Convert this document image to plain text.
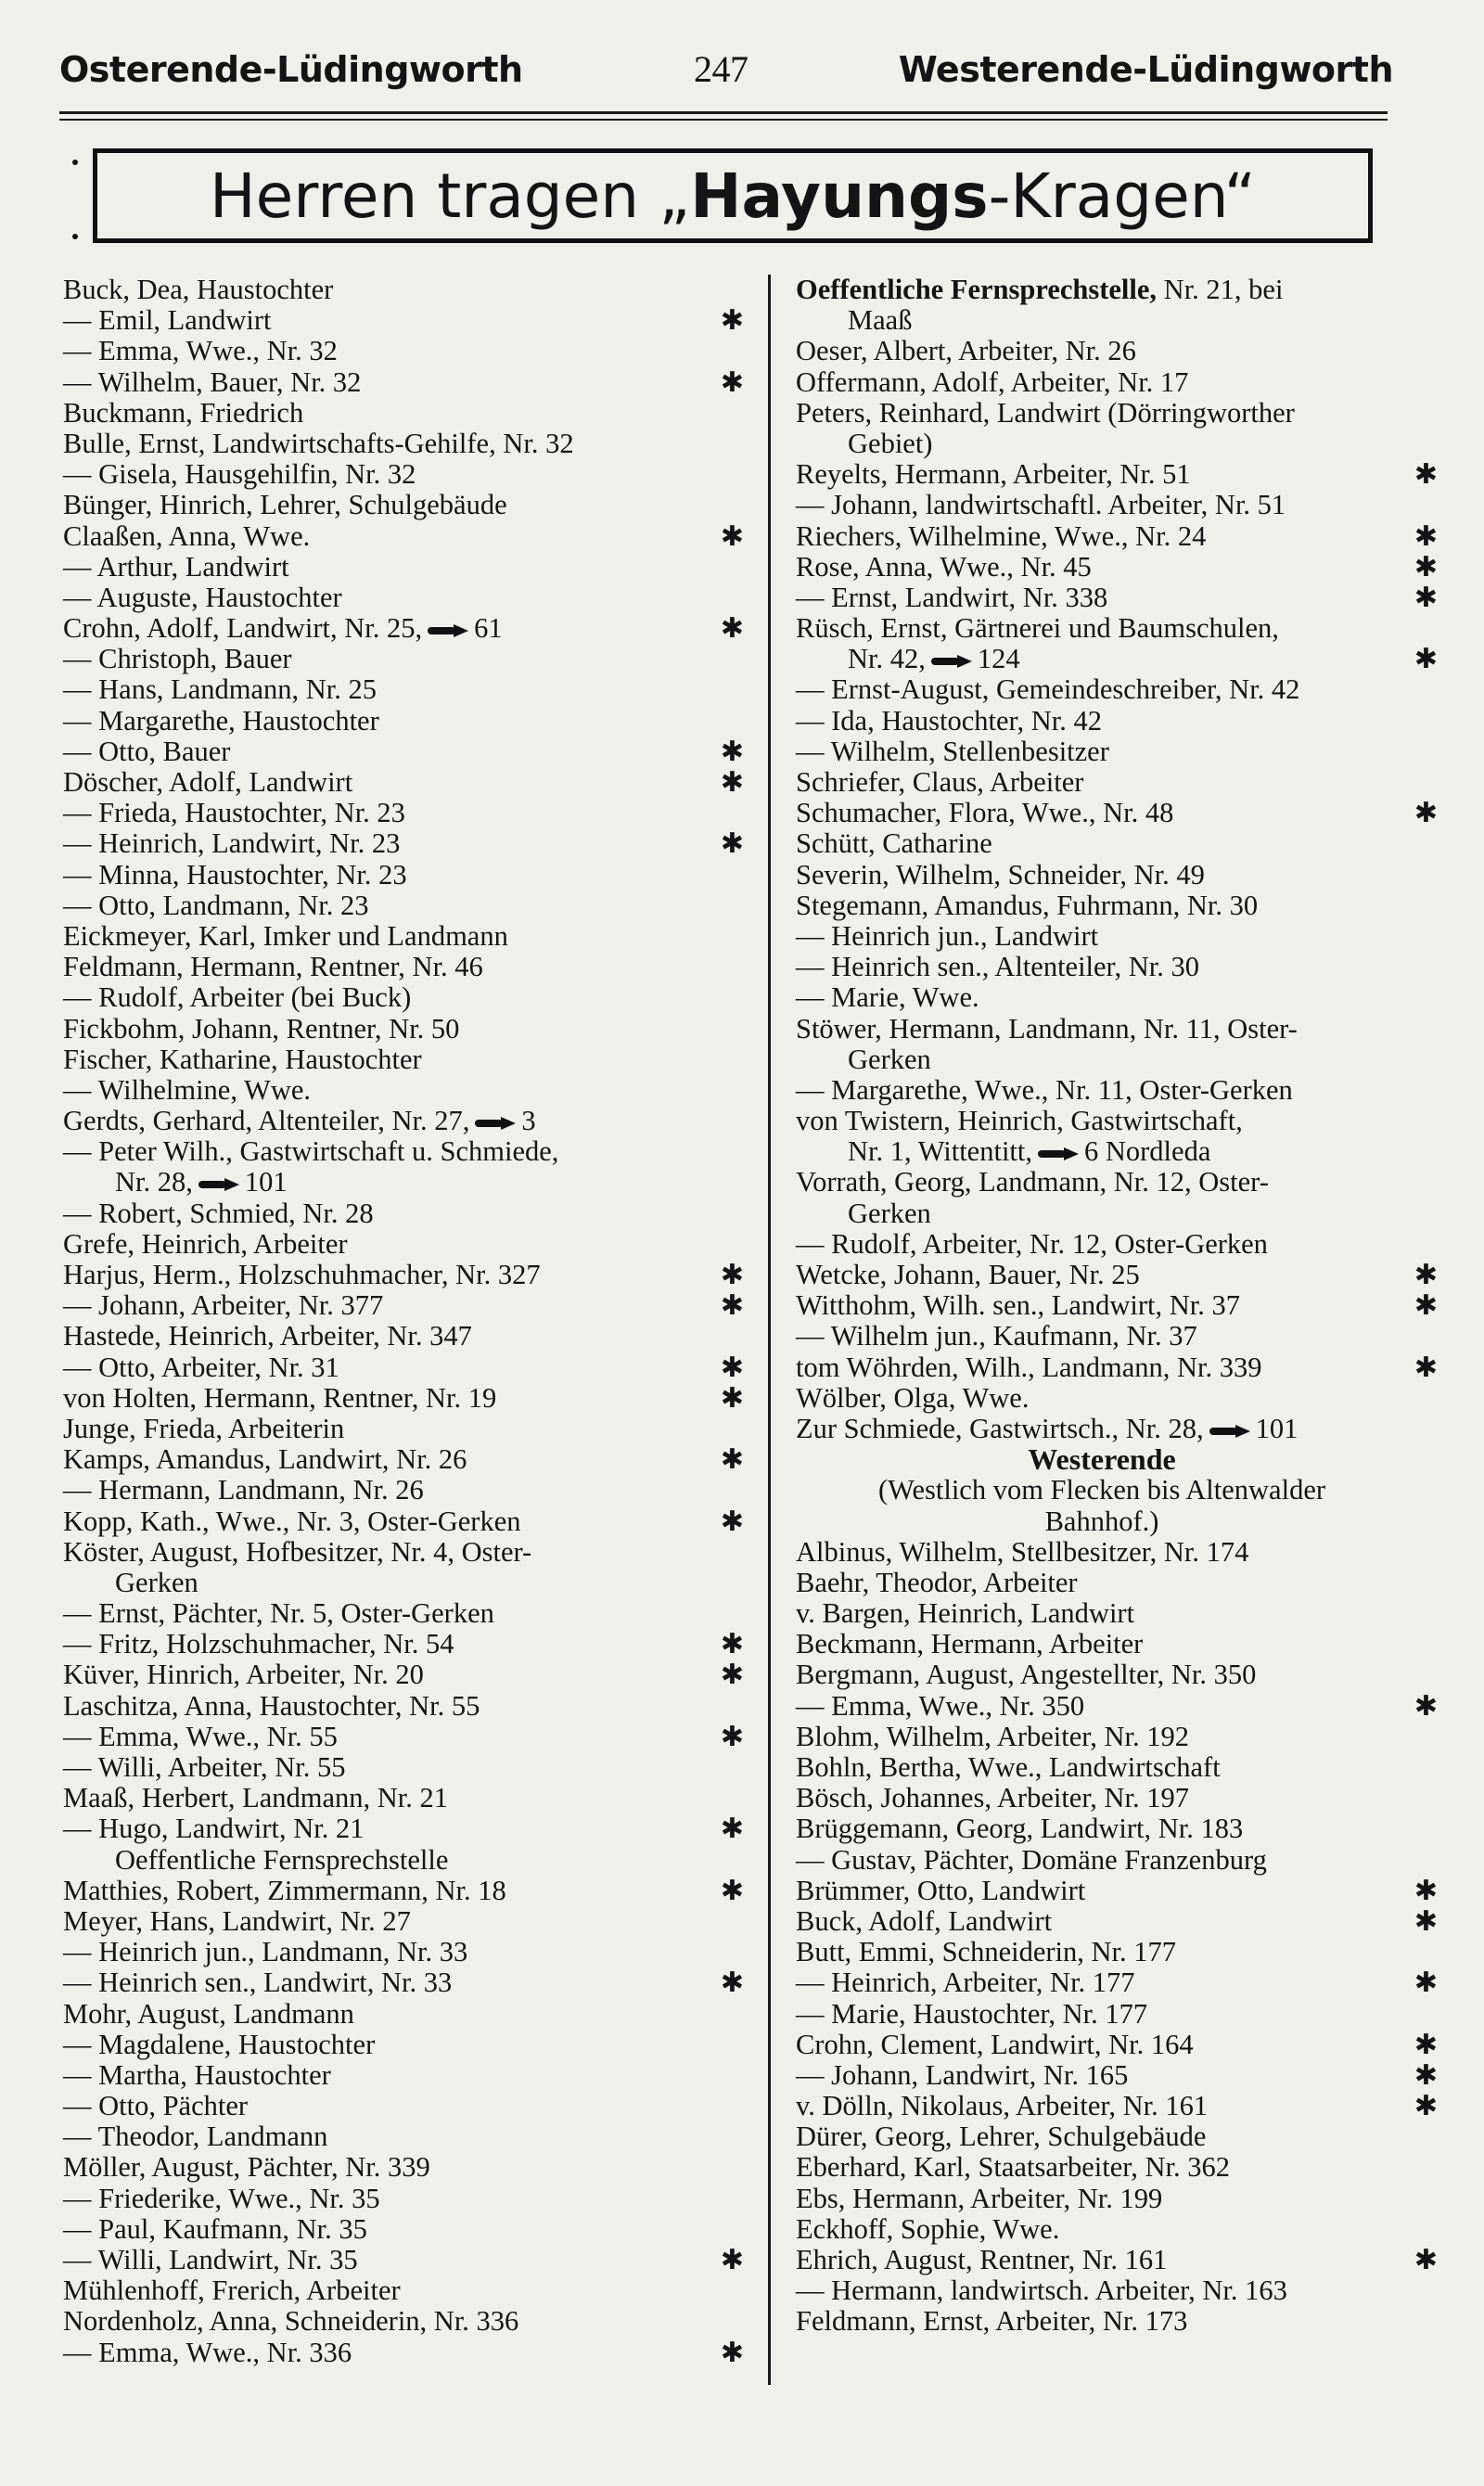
Osterende-Lüdingworth	247	Westerende-Lüdingworth
Herren tragen „ Hayungs -Kragen“
Buck, Dea, Haustochter
— Emil, Landwirt	✱
— Emma, Wwe., Nr. 32
— Wilhelm, Bauer, Nr. 32	✱
Buckmann, Friedrich
Bulle, Ernst, Landwirtschafts-Gehilfe, Nr. 32
— Gisela, Hausgehilfin, Nr. 32
Bünger, Hinrich, Lehrer, Schulgebäude
Claaßen, Anna, Wwe.	✱
— Arthur, Landwirt
— Auguste, Haustochter
Crohn, Adolf, Landwirt, Nr. 25, 61	✱
— Christoph, Bauer
— Hans, Landmann, Nr. 25
— Margarethe, Haustochter
— Otto, Bauer	✱
Döscher, Adolf, Landwirt	✱
— Frieda, Haustochter, Nr. 23
— Heinrich, Landwirt, Nr. 23	✱
— Minna, Haustochter, Nr. 23
— Otto, Landmann, Nr. 23
Eickmeyer, Karl, Imker und Landmann
Feldmann, Hermann, Rentner, Nr. 46
— Rudolf, Arbeiter (bei Buck)
Fickbohm, Johann, Rentner, Nr. 50
Fischer, Katharine, Haustochter
— Wilhelmine, Wwe.
Gerdts, Gerhard, Altenteiler, Nr. 27, 3
— Peter Wilh., Gastwirtschaft u. Schmiede,
Nr. 28, 101
— Robert, Schmied, Nr. 28
Grefe, Heinrich, Arbeiter
Harjus, Herm., Holzschuhmacher, Nr. 327	✱
— Johann, Arbeiter, Nr. 377	✱
Hastede, Heinrich, Arbeiter, Nr. 347
— Otto, Arbeiter, Nr. 31	✱
von Holten, Hermann, Rentner, Nr. 19	✱
Junge, Frieda, Arbeiterin
Kamps, Amandus, Landwirt, Nr. 26	✱
— Hermann, Landmann, Nr. 26
Kopp, Kath., Wwe., Nr. 3, Oster-Gerken	✱
Köster, August, Hofbesitzer, Nr. 4, Oster-
Gerken
— Ernst, Pächter, Nr. 5, Oster-Gerken
— Fritz, Holzschuhmacher, Nr. 54	✱
Küver, Hinrich, Arbeiter, Nr. 20	✱
Laschitza, Anna, Haustochter, Nr. 55
— Emma, Wwe., Nr. 55	✱
— Willi, Arbeiter, Nr. 55
Maaß, Herbert, Landmann, Nr. 21
— Hugo, Landwirt, Nr. 21	✱
Oeffentliche Fernsprechstelle
Matthies, Robert, Zimmermann, Nr. 18	✱
Meyer, Hans, Landwirt, Nr. 27
— Heinrich jun., Landmann, Nr. 33
— Heinrich sen., Landwirt, Nr. 33	✱
Mohr, August, Landmann
— Magdalene, Haustochter
— Martha, Haustochter
— Otto, Pächter
— Theodor, Landmann
Möller, August, Pächter, Nr. 339
— Friederike, Wwe., Nr. 35
— Paul, Kaufmann, Nr. 35
— Willi, Landwirt, Nr. 35	✱
Mühlenhoff, Frerich, Arbeiter
Nordenholz, Anna, Schneiderin, Nr. 336
— Emma, Wwe., Nr. 336	✱
Oeffentliche Fernsprechstelle, Nr. 21, bei
Maaß
Oeser, Albert, Arbeiter, Nr. 26
Offermann, Adolf, Arbeiter, Nr. 17
Peters, Reinhard, Landwirt (Dörringworther
Gebiet)
Reyelts, Hermann, Arbeiter, Nr. 51	✱
— Johann, landwirtschaftl. Arbeiter, Nr. 51
Riechers, Wilhelmine, Wwe., Nr. 24	✱
Rose, Anna, Wwe., Nr. 45	✱
— Ernst, Landwirt, Nr. 338	✱
Rüsch, Ernst, Gärtnerei und Baumschulen,
Nr. 42, 124	✱
— Ernst-August, Gemeindeschreiber, Nr. 42
— Ida, Haustochter, Nr. 42
— Wilhelm, Stellenbesitzer
Schriefer, Claus, Arbeiter
Schumacher, Flora, Wwe., Nr. 48	✱
Schütt, Catharine
Severin, Wilhelm, Schneider, Nr. 49
Stegemann, Amandus, Fuhrmann, Nr. 30
— Heinrich jun., Landwirt
— Heinrich sen., Altenteiler, Nr. 30
— Marie, Wwe.
Stöwer, Hermann, Landmann, Nr. 11, Oster-
Gerken
— Margarethe, Wwe., Nr. 11, Oster-Gerken
von Twistern, Heinrich, Gastwirtschaft,
Nr. 1, Wittentitt, 6 Nordleda
Vorrath, Georg, Landmann, Nr. 12, Oster-
Gerken
— Rudolf, Arbeiter, Nr. 12, Oster-Gerken
Wetcke, Johann, Bauer, Nr. 25	✱
Witthohm, Wilh. sen., Landwirt, Nr. 37	✱
— Wilhelm jun., Kaufmann, Nr. 37
tom Wöhrden, Wilh., Landmann, Nr. 339	✱
Wölber, Olga, Wwe.
Zur Schmiede, Gastwirtsch., Nr. 28, 101
Westerende
(Westlich vom Flecken bis Altenwalder
Bahnhof.)
Albinus, Wilhelm, Stellbesitzer, Nr. 174
Baehr, Theodor, Arbeiter
v. Bargen, Heinrich, Landwirt
Beckmann, Hermann, Arbeiter
Bergmann, August, Angestellter, Nr. 350
— Emma, Wwe., Nr. 350	✱
Blohm, Wilhelm, Arbeiter, Nr. 192
Bohln, Bertha, Wwe., Landwirtschaft
Bösch, Johannes, Arbeiter, Nr. 197
Brüggemann, Georg, Landwirt, Nr. 183
— Gustav, Pächter, Domäne Franzenburg
Brümmer, Otto, Landwirt	✱
Buck, Adolf, Landwirt	✱
Butt, Emmi, Schneiderin, Nr. 177
— Heinrich, Arbeiter, Nr. 177	✱
— Marie, Haustochter, Nr. 177
Crohn, Clement, Landwirt, Nr. 164	✱
— Johann, Landwirt, Nr. 165	✱
v. Dölln, Nikolaus, Arbeiter, Nr. 161	✱
Dürer, Georg, Lehrer, Schulgebäude
Eberhard, Karl, Staatsarbeiter, Nr. 362
Ebs, Hermann, Arbeiter, Nr. 199
Eckhoff, Sophie, Wwe.
Ehrich, August, Rentner, Nr. 161	✱
— Hermann, landwirtsch. Arbeiter, Nr. 163
Feldmann, Ernst, Arbeiter, Nr. 173
